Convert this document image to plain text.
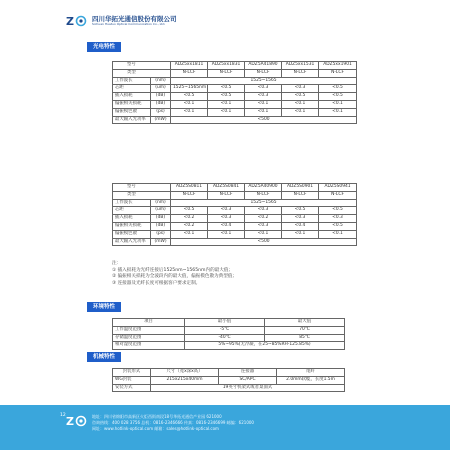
Z	四川华拓光通信股份有限公司
Sichuan Huatuo Optical Communication Co., Ltd.
光电特性
型号		ADZ5xx1811	ADZ5xx1831	ADZ5A41890	ADZ5xx1531	ADZ5xx1901
类型		N-LCF	N-LCF	N-LCF	N-LCF	N-LCF
工作波长	(nm)	1525~1565				
芯距	(um)	1525~1565nm	<0.5	<0.3	<0.3	<0.5
插入损耗	(dB)	<0.5	<0.5	<0.3	<0.5	<0.5
偏振相关损耗	(dB)	<0.1	<0.1	<0.1	<0.1	<0.1
偏振模色散	(ps)	<0.1	<0.1	<0.1	<0.1	<0.1
最大输入光功率	(mW)	<500				
型号		ADZ5S0811	ADZ5S0841	ADZ5A40900	ADZ5S0901	ADZ5S0941
类型		N-LCF	N-LCF	N-LCF	N-LCF	N-LCF
工作波长	(nm)	1525~1565				
芯距	(um)	<0.5	<0.3	<0.3	<0.5	<0.5
插入损耗	(dB)	<0.2	<0.3	<0.2	<0.3	<0.3
偏振相关损耗	(dB)	<0.2	<0.4	<0.3	<0.4	<0.5
偏振模色散	(ps)	<0.1	<0.1	<0.1	<0.1	<0.1
最大输入光功率	(mW)	<500				
注：
① 插入损耗为光纤连接后1525nm~1565nm内的最大值；
② 偏振相关损耗为全波段内的最大值，偏振模色散为典型值；
③ 连接器及光纤长度可根据客户要求定制。
环境特性
项目	最小值	最大值
工作温度范围	-5℃	70℃
存储温度范围	-40℃	85℃
相对湿度范围	5%~95%(无冷凝，在25~85%RH-125.85%)	
机械特性
封装形式	尺寸（宽x深x高）	连接器	尾纤
WG封装	215x215x40mm	SC/APC	2.0mm软缆，长度1.5m
安装方式	19英寸机架式或者桌面式		
12 Z	地址：四川省绵阳市高新区火炬西街南段18号华拓光通信产业园 621000
咨询热线：400 028 3756 总机：0816-2346666 传真：0816-2346699 邮编：621000
网址：www.hotlink-optical.com 邮箱：sales@hotlink-optical.com
